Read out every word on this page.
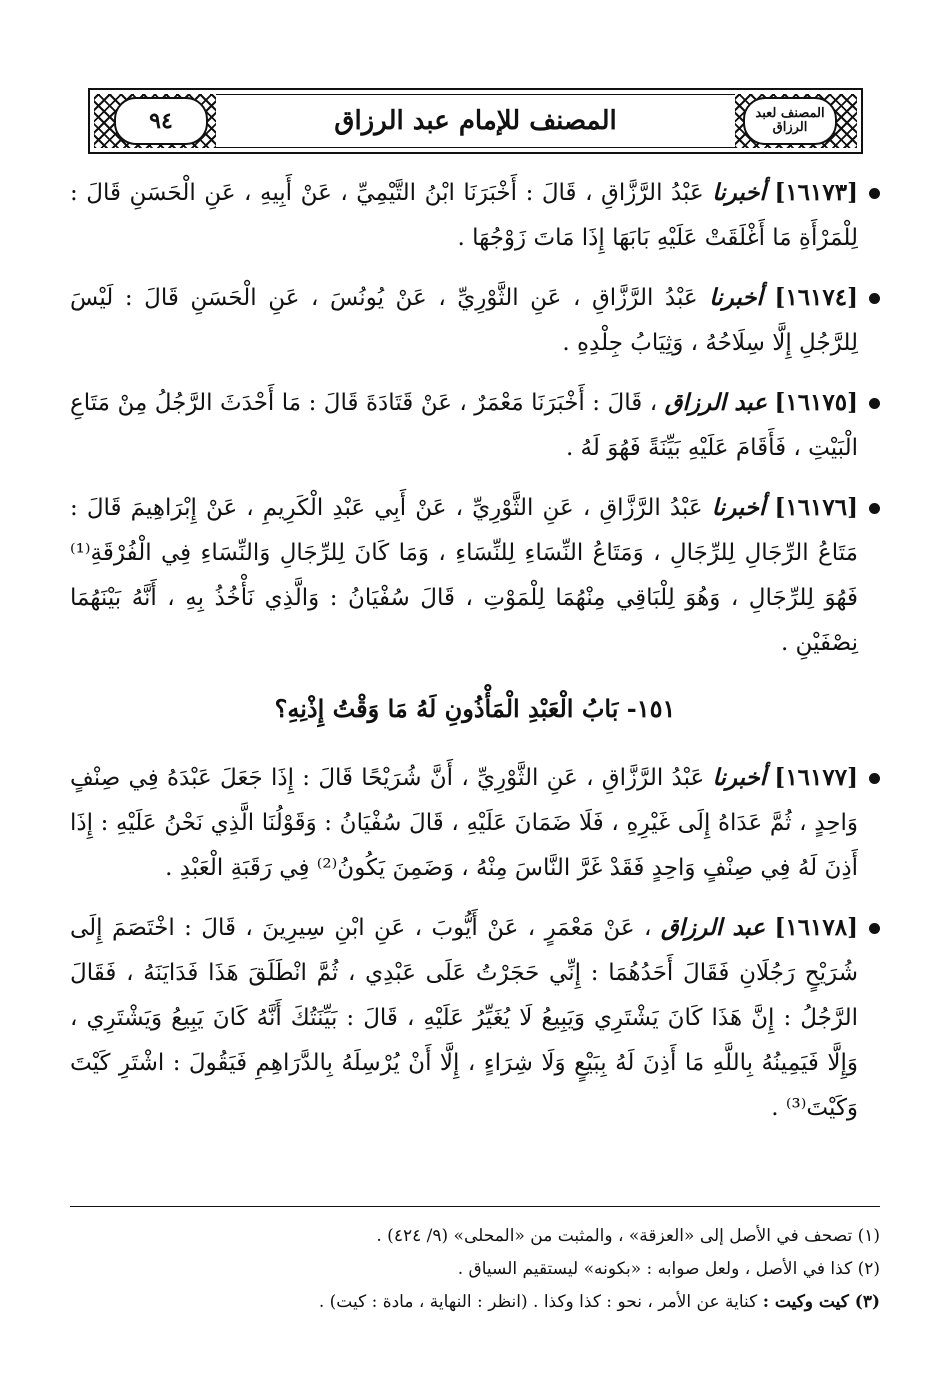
٩٤	المصنف لعبد الرزاق
المصنف للإمام عبد الرزاق
[١٦١٧٣] أخبرنا عَبْدُ الرَّزَّاقِ ، قَالَ : أَخْبَرَنَا ابْنُ التَّيْمِيِّ ، عَنْ أَبِيهِ ، عَنِ الْحَسَنِ قَالَ : لِلْمَرْأَةِ مَا أَغْلَقَتْ عَلَيْهِ بَابَهَا إِذَا مَاتَ زَوْجُهَا .
[١٦١٧٤] أخبرنا عَبْدُ الرَّزَّاقِ ، عَنِ الثَّوْرِيِّ ، عَنْ يُونُسَ ، عَنِ الْحَسَنِ قَالَ : لَيْسَ لِلرَّجُلِ إِلَّا سِلَاحُهُ ، وَثِيَابُ جِلْدِهِ .
[١٦١٧٥] عبد الرزاق ، قَالَ : أَخْبَرَنَا مَعْمَرٌ ، عَنْ قَتَادَةَ قَالَ : مَا أَحْدَثَ الرَّجُلُ مِنْ مَتَاعِ الْبَيْتِ ، فَأَقَامَ عَلَيْهِ بَيِّنَةً فَهُوَ لَهُ .
[١٦١٧٦] أخبرنا عَبْدُ الرَّزَّاقِ ، عَنِ الثَّوْرِيِّ ، عَنْ أَبِي عَبْدِ الْكَرِيمِ ، عَنْ إِبْرَاهِيمَ قَالَ : مَتَاعُ الرِّجَالِ لِلرِّجَالِ ، وَمَتَاعُ النِّسَاءِ لِلنِّسَاءِ ، وَمَا كَانَ لِلرِّجَالِ وَالنِّسَاءِ فِي الْفُرْقَةِ⁽¹⁾ فَهُوَ لِلرِّجَالِ ، وَهُوَ لِلْبَاقِي مِنْهُمَا لِلْمَوْتِ ، قَالَ سُفْيَانُ : وَالَّذِي نَأْخُذُ بِهِ ، أَنَّهُ بَيْنَهُمَا نِصْفَيْنِ .
١٥١- بَابُ الْعَبْدِ الْمَأْذُونِ لَهُ مَا وَقْتُ إِذْنِهِ؟
[١٦١٧٧] أخبرنا عَبْدُ الرَّزَّاقِ ، عَنِ الثَّوْرِيِّ ، أَنَّ شُرَيْحًا قَالَ : إِذَا جَعَلَ عَبْدَهُ فِي صِنْفٍ وَاحِدٍ ، ثُمَّ عَدَاهُ إِلَى غَيْرِهِ ، فَلَا ضَمَانَ عَلَيْهِ ، قَالَ سُفْيَانُ : وَقَوْلُنَا الَّذِي نَحْنُ عَلَيْهِ : إِذَا أَذِنَ لَهُ فِي صِنْفٍ وَاحِدٍ فَقَدْ غَرَّ النَّاسَ مِنْهُ ، وَضَمِنَ يَكُونُ⁽²⁾ فِي رَقَبَةِ الْعَبْدِ .
[١٦١٧٨] عبد الرزاق ، عَنْ مَعْمَرٍ ، عَنْ أَيُّوبَ ، عَنِ ابْنِ سِيرِينَ ، قَالَ : اخْتَصَمَ إِلَى شُرَيْحٍ رَجُلَانِ فَقَالَ أَحَدُهُمَا : إِنِّي حَجَرْتُ عَلَى عَبْدِي ، ثُمَّ انْطَلَقَ هَذَا فَدَايَنَهُ ، فَقَالَ الرَّجُلُ : إِنَّ هَذَا كَانَ يَشْتَرِي وَيَبِيعُ لَا يُغَيِّرُ عَلَيْهِ ، قَالَ : بَيِّنَتُكَ أَنَّهُ كَانَ يَبِيعُ وَيَشْتَرِي ، وَإِلَّا فَيَمِينُهُ بِاللَّهِ مَا أَذِنَ لَهُ بِبَيْعٍ وَلَا شِرَاءٍ ، إِلَّا أَنْ يُرْسِلَهُ بِالدَّرَاهِمِ فَيَقُولَ : اشْتَرِ كَيْتَ وَكَيْتَ⁽³⁾ .
(١) تصحف في الأصل إلى «العزقة» ، والمثبت من «المحلى» (٩/ ٤٢٤) .
(٢) كذا في الأصل ، ولعل صوابه : «بكونه» ليستقيم السياق .
(٣) كيت وكيت : كناية عن الأمر ، نحو : كذا وكذا . (انظر : النهاية ، مادة : كيت) .
